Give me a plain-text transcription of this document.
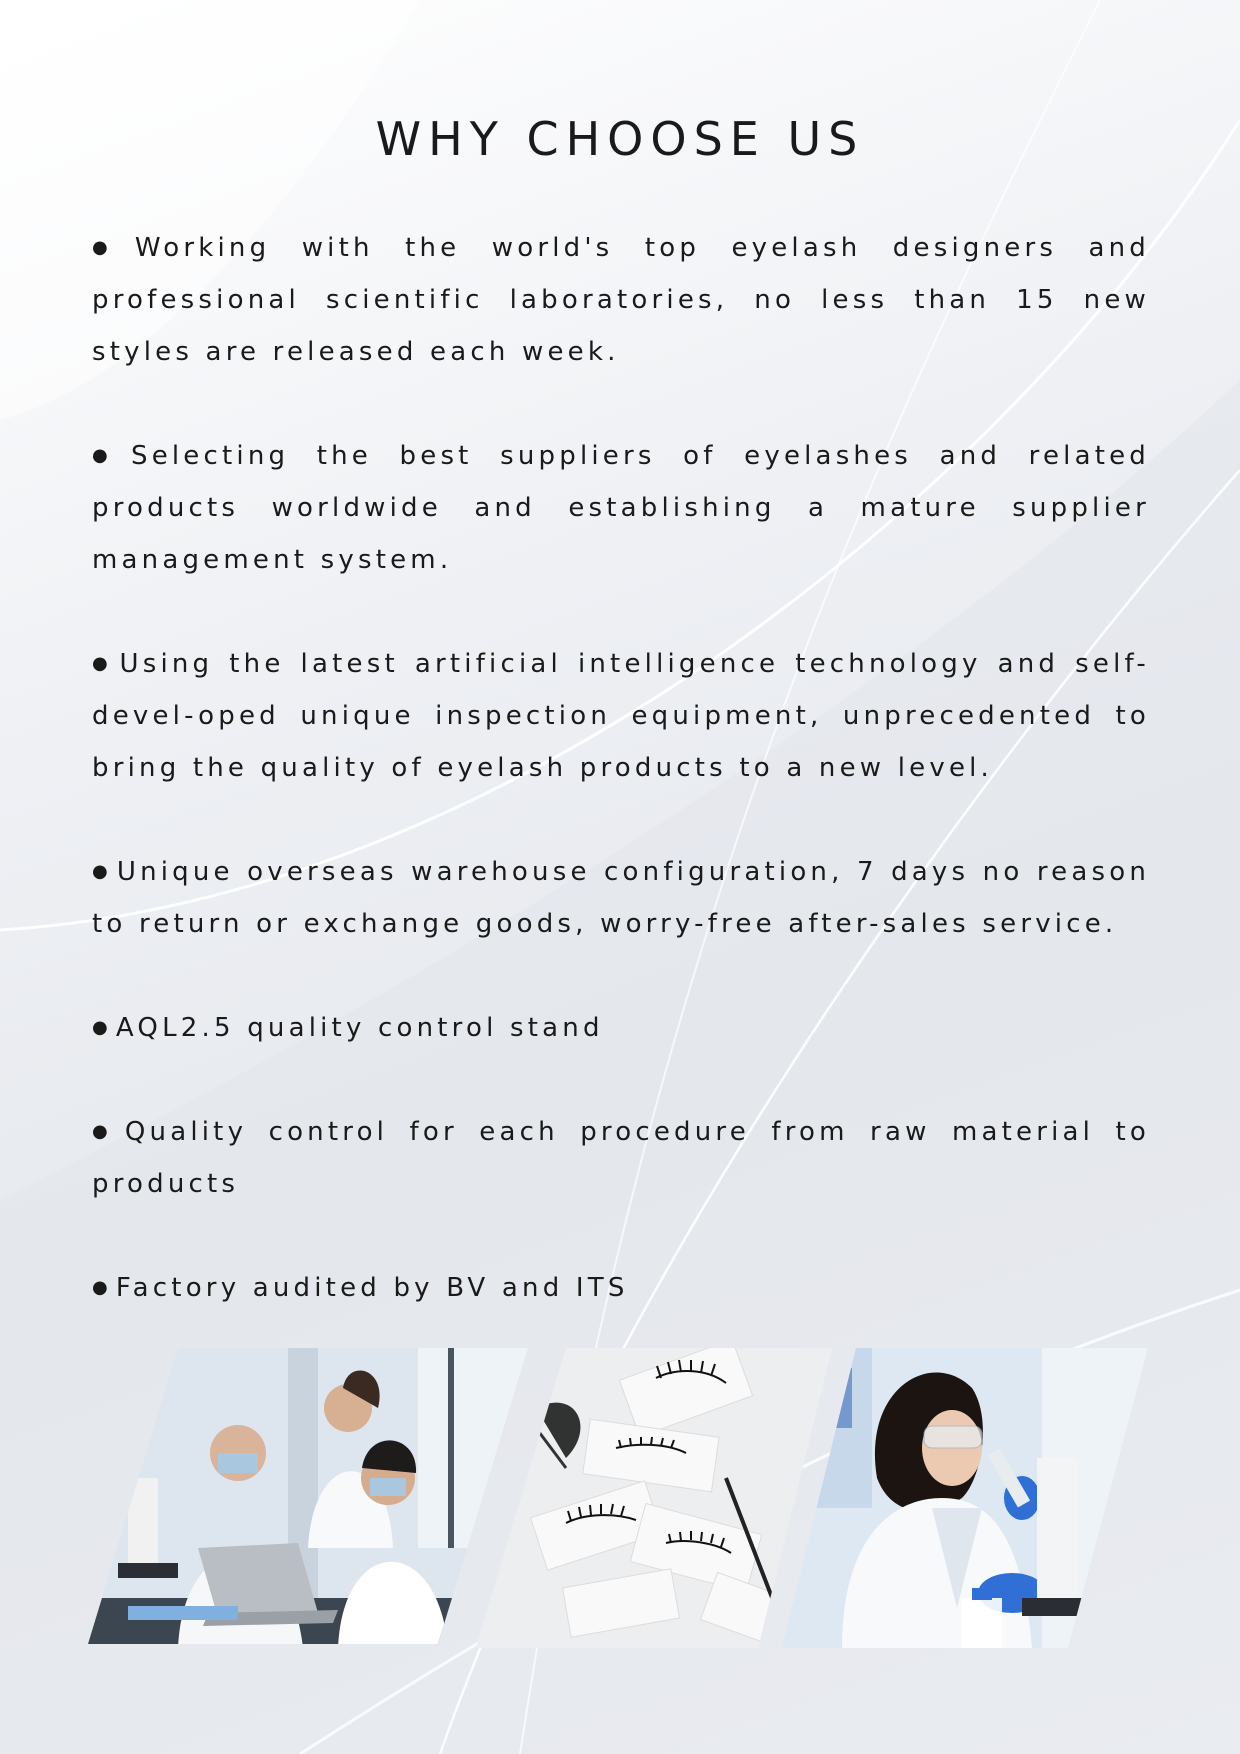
WHY CHOOSE US
● Working with the world's top eyelash designers and professional scientific laboratories, no less than 15 new styles are released each week.
● Selecting the best suppliers of eyelashes and related products worldwide and establishing a mature supplier management system.
● Using the latest artificial intelligence technology and self-devel-oped unique inspection equipment, unprecedented to bring the quality of eyelash products to a new level.
● Unique overseas warehouse configuration, 7 days no reason to return or exchange goods, worry-free after-sales service.
● AQL2.5 quality control stand
● Quality control for each procedure from raw material to products
● Factory audited by BV and ITS
